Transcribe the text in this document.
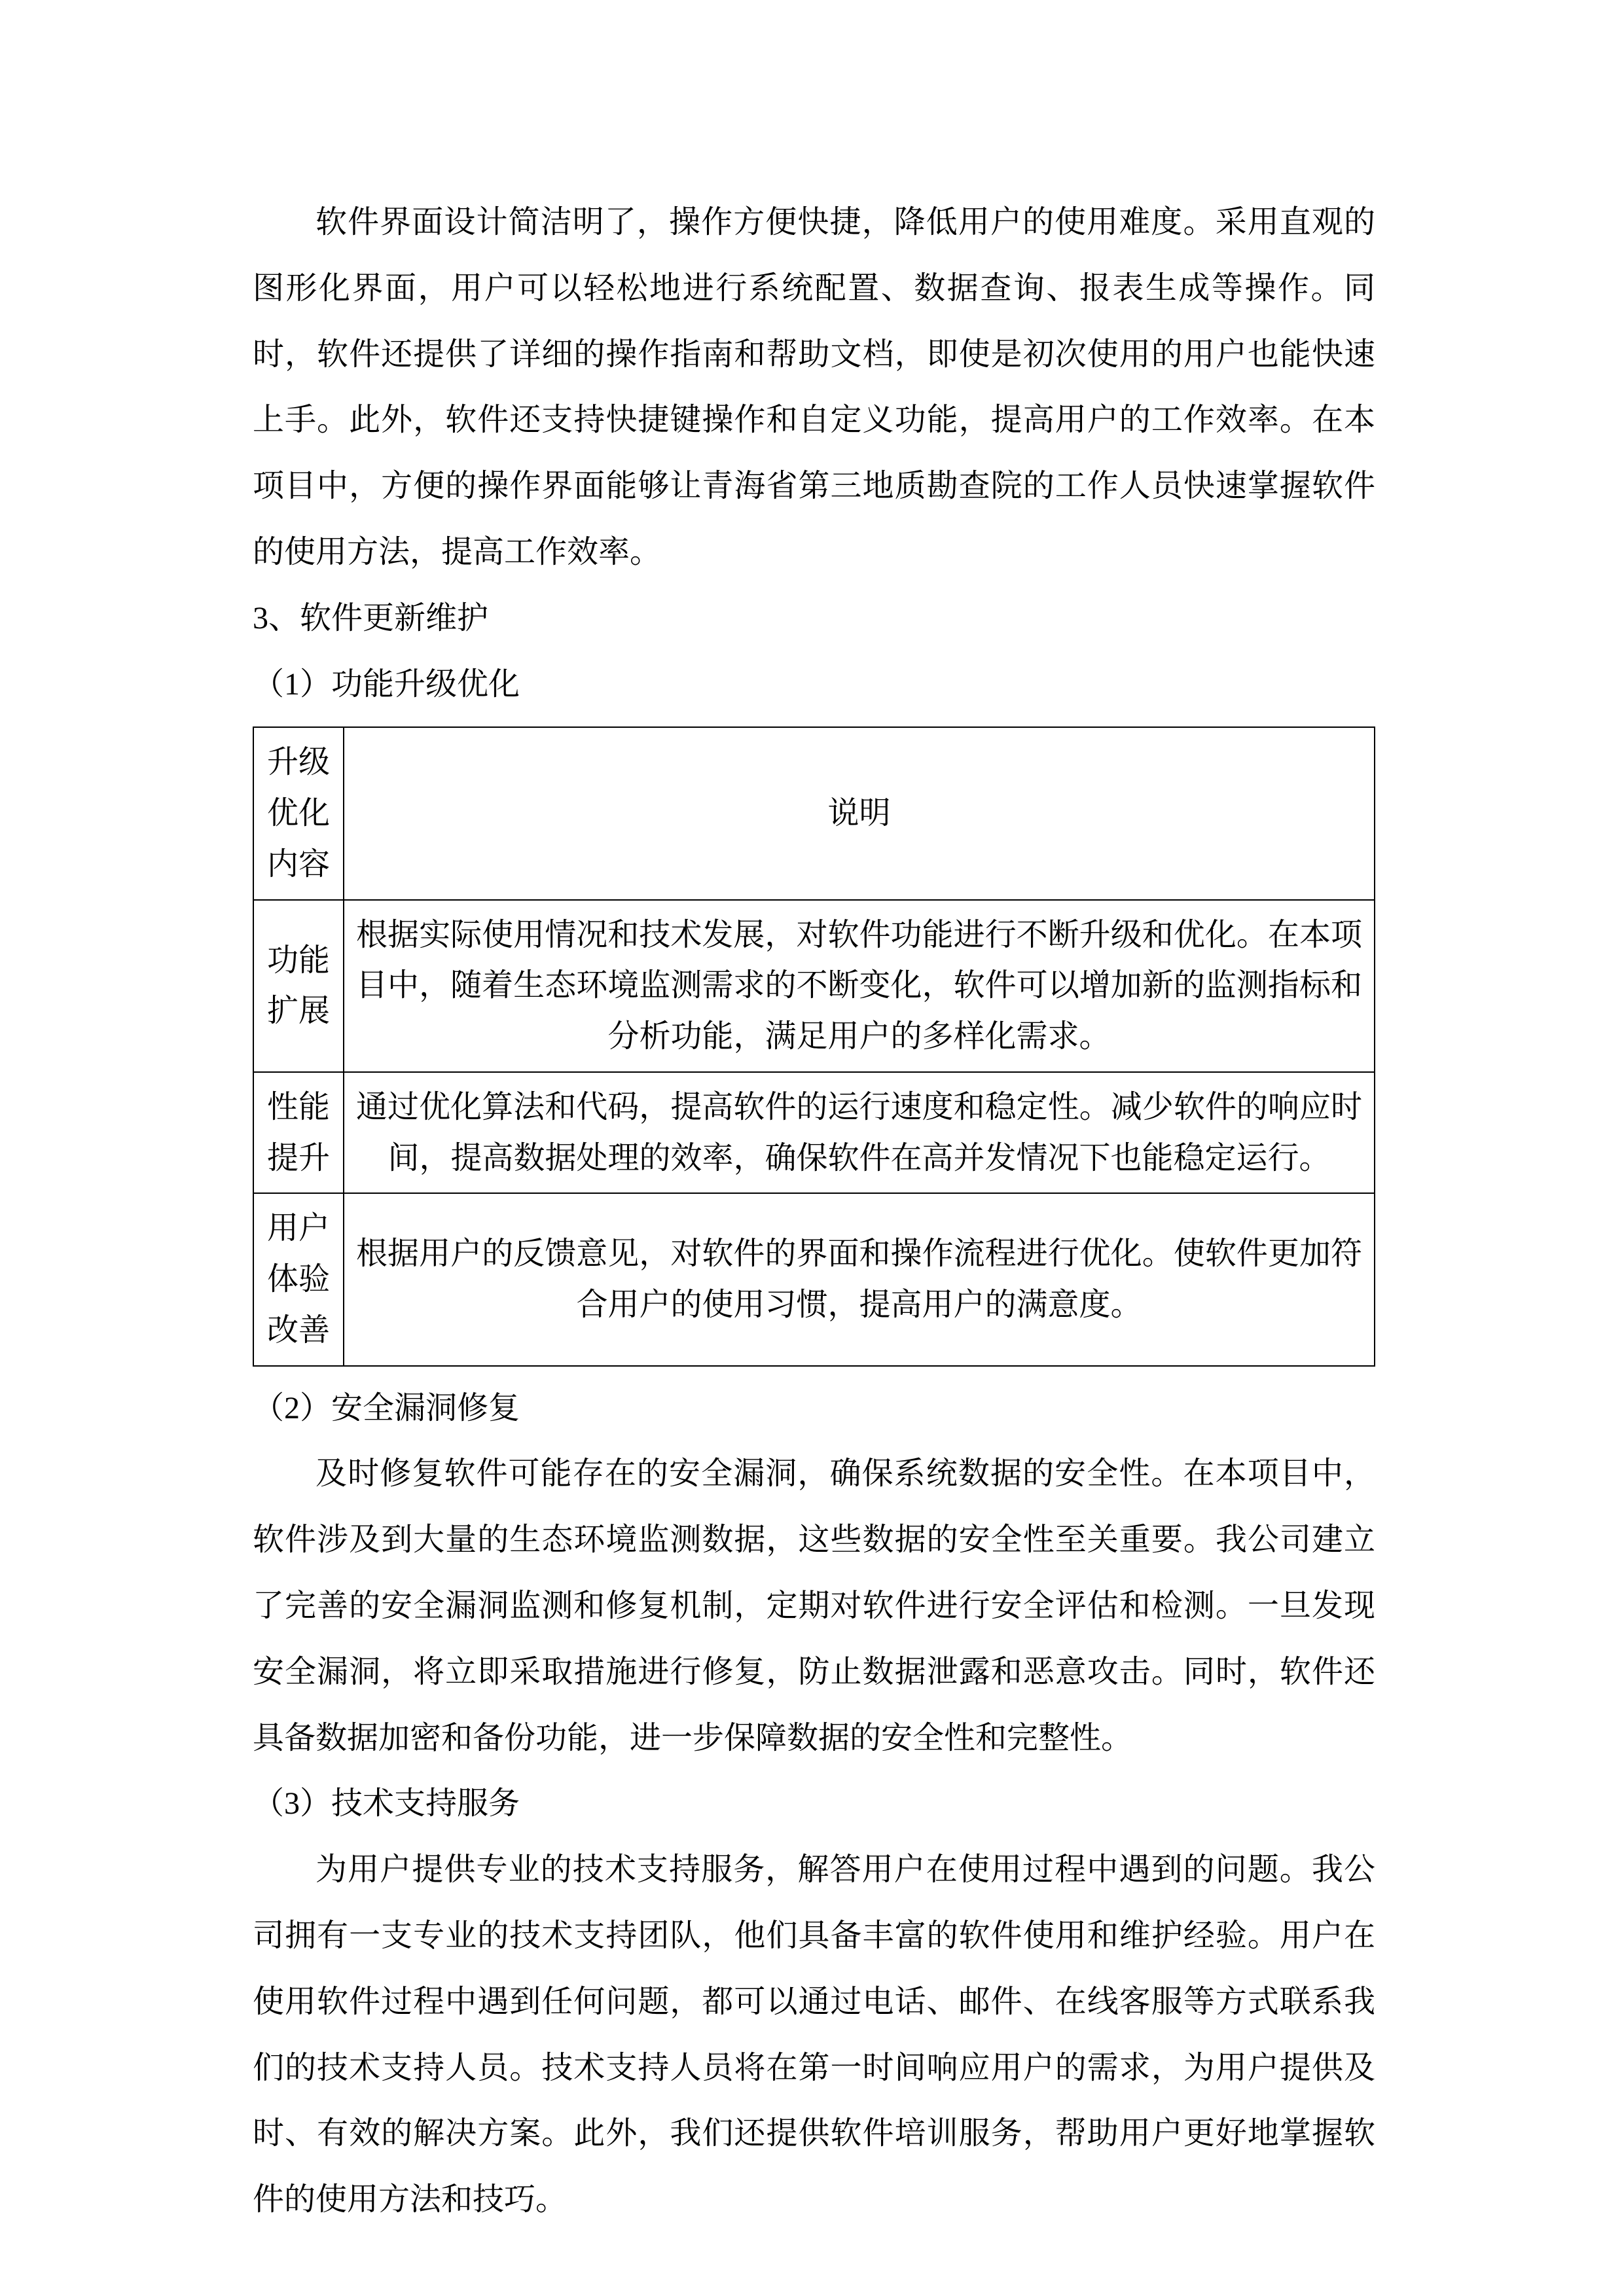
软件界面设计简洁明了，操作方便快捷，降低用户的使用难度。采用直观的图形化界面，用户可以轻松地进行系统配置、数据查询、报表生成等操作。同时，软件还提供了详细的操作指南和帮助文档，即使是初次使用的用户也能快速上手。此外，软件还支持快捷键操作和自定义功能，提高用户的工作效率。在本项目中，方便的操作界面能够让青海省第三地质勘查院的工作人员快速掌握软件的使用方法，提高工作效率。

3、软件更新维护

（1）功能升级优化

升级优化内容	说明
功能扩展	根据实际使用情况和技术发展，对软件功能进行不断升级和优化。在本项目中，随着生态环境监测需求的不断变化，软件可以增加新的监测指标和分析功能，满足用户的多样化需求。
性能提升	通过优化算法和代码，提高软件的运行速度和稳定性。减少软件的响应时间，提高数据处理的效率，确保软件在高并发情况下也能稳定运行。
用户体验改善	根据用户的反馈意见，对软件的界面和操作流程进行优化。使软件更加符合用户的使用习惯，提高用户的满意度。

（2）安全漏洞修复

及时修复软件可能存在的安全漏洞，确保系统数据的安全性。在本项目中，软件涉及到大量的生态环境监测数据，这些数据的安全性至关重要。我公司建立了完善的安全漏洞监测和修复机制，定期对软件进行安全评估和检测。一旦发现安全漏洞，将立即采取措施进行修复，防止数据泄露和恶意攻击。同时，软件还具备数据加密和备份功能，进一步保障数据的安全性和完整性。

（3）技术支持服务

为用户提供专业的技术支持服务，解答用户在使用过程中遇到的问题。我公司拥有一支专业的技术支持团队，他们具备丰富的软件使用和维护经验。用户在使用软件过程中遇到任何问题，都可以通过电话、邮件、在线客服等方式联系我们的技术支持人员。技术支持人员将在第一时间响应用户的需求，为用户提供及时、有效的解决方案。此外，我们还提供软件培训服务，帮助用户更好地掌握软件的使用方法和技巧。
